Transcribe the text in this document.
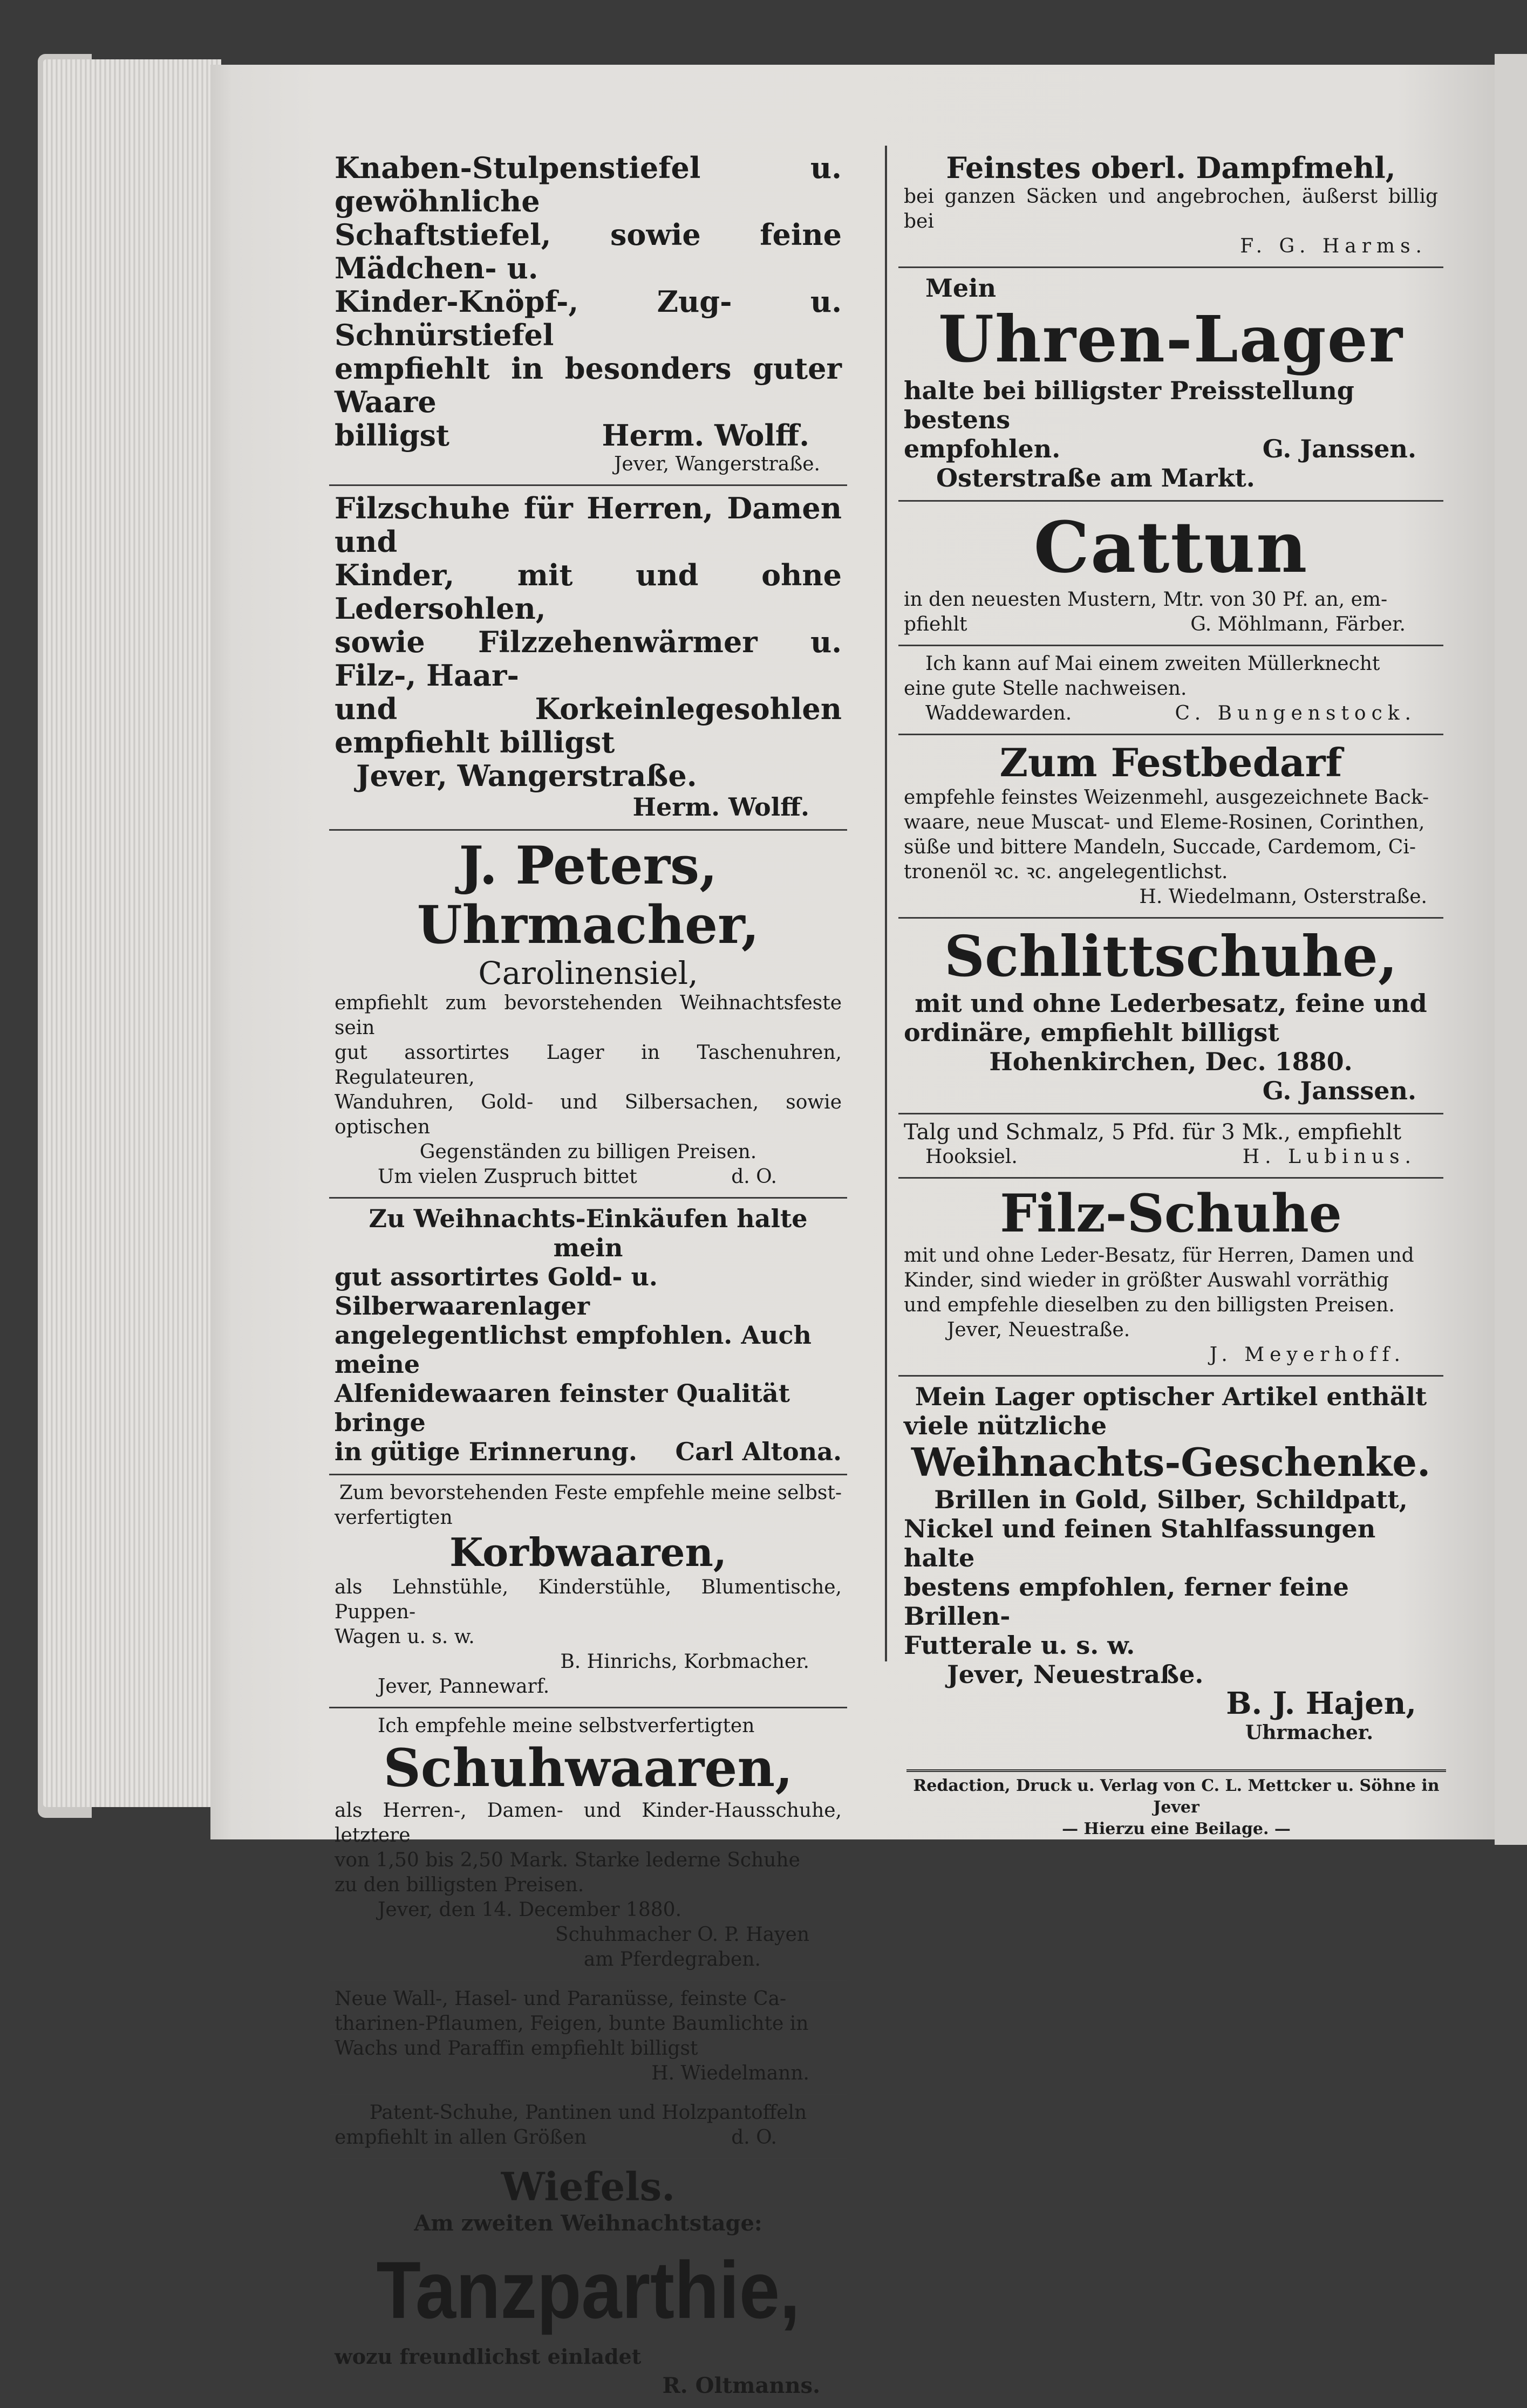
Knaben-Stulpenstiefel u. gewöhnliche

Schaftstiefel, sowie feine Mädchen- u.

Kinder-Knöpf-, Zug- u. Schnürstiefel

empfiehlt in besonders guter Waare

billigst	Herm. Wolff.

Jever, Wangerstraße.

Filzschuhe für Herren, Damen und

Kinder, mit und ohne Ledersohlen,

sowie Filzzehenwärmer u. Filz-, Haar-

und Korkeinlegesohlen empfiehlt billigst

Jever, Wangerstraße.

Herm. Wolff.

J. Peters, Uhrmacher,

Carolinensiel,

empfiehlt zum bevorstehenden Weihnachtsfeste sein

gut assortirtes Lager in Taschenuhren, Regulateuren,

Wanduhren, Gold- und Silbersachen, sowie optischen

Gegenständen zu billigen Preisen.

Um vielen Zuspruch bittet	d. O.

Zu Weihnachts-Einkäufen halte mein

gut assortirtes Gold- u. Silberwaarenlager

angelegentlichst empfohlen. Auch meine

Alfenidewaaren feinster Qualität bringe

in gütige Erinnerung. Carl Altona.

Zum bevorstehenden Feste empfehle meine selbst-

verfertigten

Korbwaaren,

als Lehnstühle, Kinderstühle, Blumentische, Puppen-

Wagen u. s. w.

B. Hinrichs, Korbmacher.

Jever, Pannewarf.

Ich empfehle meine selbstverfertigten

Schuhwaaren,

als Herren-, Damen- und Kinder-Hausschuhe, letztere

von 1,50 bis 2,50 Mark. Starke lederne Schuhe

zu den billigsten Preisen.

Jever, den 14. December 1880.

Schuhmacher O. P. Hayen

am Pferdegraben.

Neue Wall-, Hasel- und Paranüsse, feinste Ca-

tharinen-Pflaumen, Feigen, bunte Baumlichte in

Wachs und Paraffin empfiehlt billigst

H. Wiedelmann.

Patent-Schuhe, Pantinen und Holzpantoffeln

empfiehlt in allen Größen	d. O.

Wiefels.

Am zweiten Weihnachtstage:

Tanzparthie,

wozu freundlichst einladet

R. Oltmanns.

Feinstes oberl. Dampfmehl,

bei ganzen Säcken und angebrochen, äußerst billig bei

F. G. Harms.

Mein

Uhren-Lager

halte bei billigster Preisstellung bestens

empfohlen.	G. Janssen.

Osterstraße am Markt.

Cattun

in den neuesten Mustern, Mtr. von 30 Pf. an, em-

pfiehlt	G. Möhlmann, Färber.

Ich kann auf Mai einem zweiten Müllerknecht

eine gute Stelle nachweisen.

Waddewarden.	C. Bungenstock.

Zum Festbedarf

empfehle feinstes Weizenmehl, ausgezeichnete Back-

waare, neue Muscat- und Eleme-Rosinen, Corinthen,

süße und bittere Mandeln, Succade, Cardemom, Ci-

tronenöl ꝛc. ꝛc. angelegentlichst.

H. Wiedelmann, Osterstraße.

Schlittschuhe,

mit und ohne Lederbesatz, feine und

ordinäre, empfiehlt billigst

Hohenkirchen, Dec. 1880.

G. Janssen.

Talg und Schmalz, 5 Pfd. für 3 Mk., empfiehlt

Hooksiel.	H. Lubinus.

Filz-Schuhe

mit und ohne Leder-Besatz, für Herren, Damen und

Kinder, sind wieder in größter Auswahl vorräthig

und empfehle dieselben zu den billigsten Preisen.

Jever, Neuestraße.

J. Meyerhoff.

Mein Lager optischer Artikel enthält

viele nützliche

Weihnachts-Geschenke.

Brillen in Gold, Silber, Schildpatt,

Nickel und feinen Stahlfassungen halte

bestens empfohlen, ferner feine Brillen-

Futterale u. s. w.

Jever, Neuestraße.

B. J. Hajen,

Uhrmacher.

Redaction, Druck u. Verlag von C. L. Mettcker u. Söhne in Jever

— Hierzu eine Beilage. —
